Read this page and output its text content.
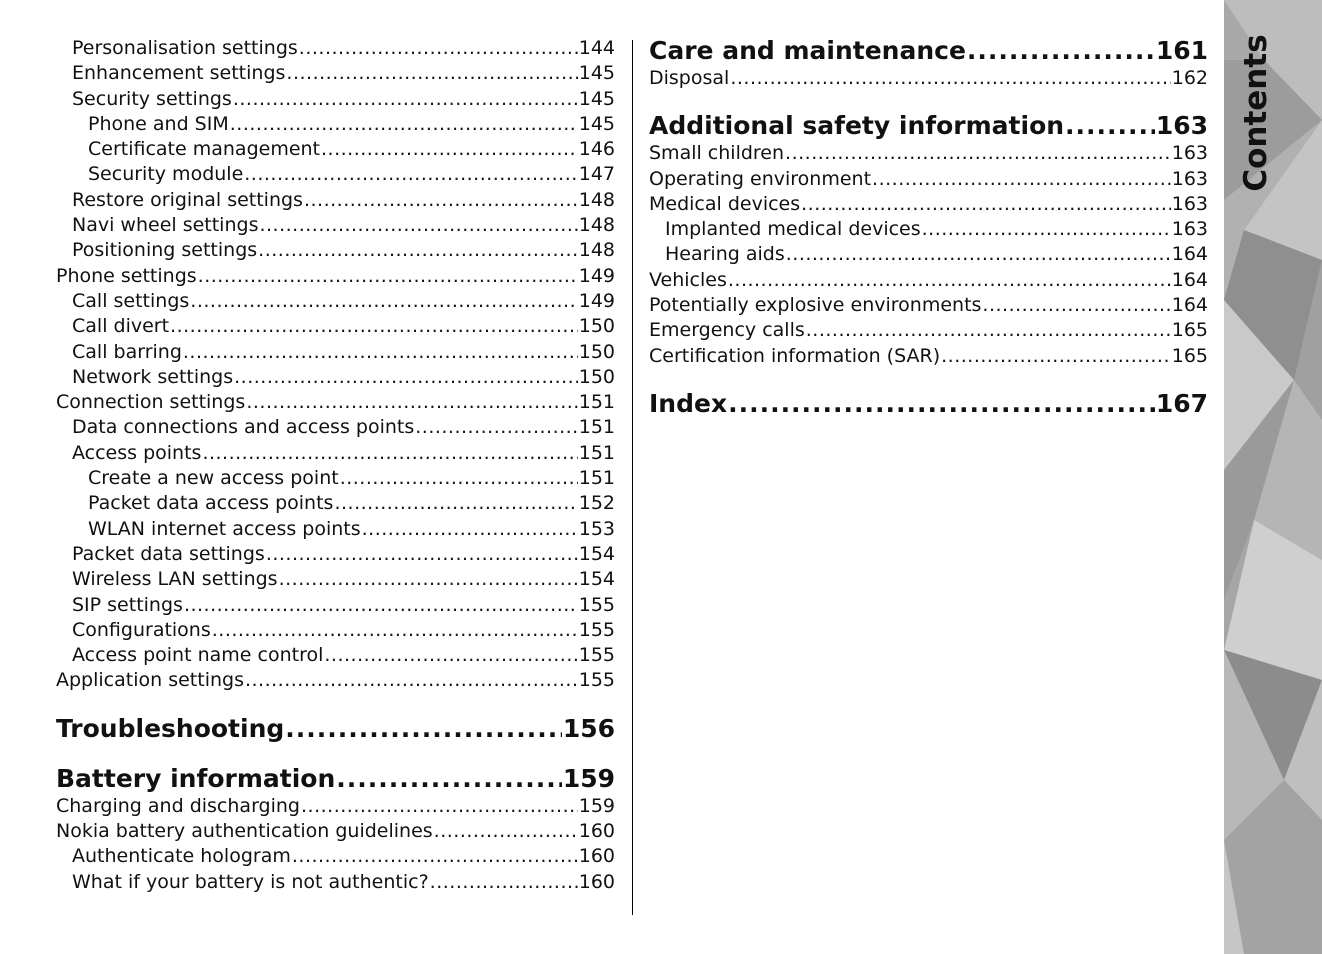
Personalisation settings .....	144
Enhancement settings .....	145
Security settings .....	145
Phone and SIM .....	145
Certificate management .....	146
Security module .....	147
Restore original settings .....	148
Navi wheel settings .....	148
Positioning settings .....	148
Phone settings .....	149
Call settings .....	149
Call divert .....	150
Call barring .....	150
Network settings .....	150
Connection settings .....	151
Data connections and access points .....	151
Access points .....	151
Create a new access point .....	151
Packet data access points .....	152
WLAN internet access points .....	153
Packet data settings .....	154
Wireless LAN settings .....	154
SIP settings .....	155
Configurations .....	155
Access point name control .....	155
Application settings .....	155
Troubleshooting .....	156
Battery information .....	159
Charging and discharging .....	159
Nokia battery authentication guidelines .....	160
Authenticate hologram .....	160
What if your battery is not authentic? .....	160
Care and maintenance .....	161
Disposal .....	162
Additional safety information .....	163
Small children .....	163
Operating environment .....	163
Medical devices .....	163
Implanted medical devices .....	163
Hearing aids .....	164
Vehicles .....	164
Potentially explosive environments .....	164
Emergency calls .....	165
Certification information (SAR) .....	165
Index .....	167
Contents
